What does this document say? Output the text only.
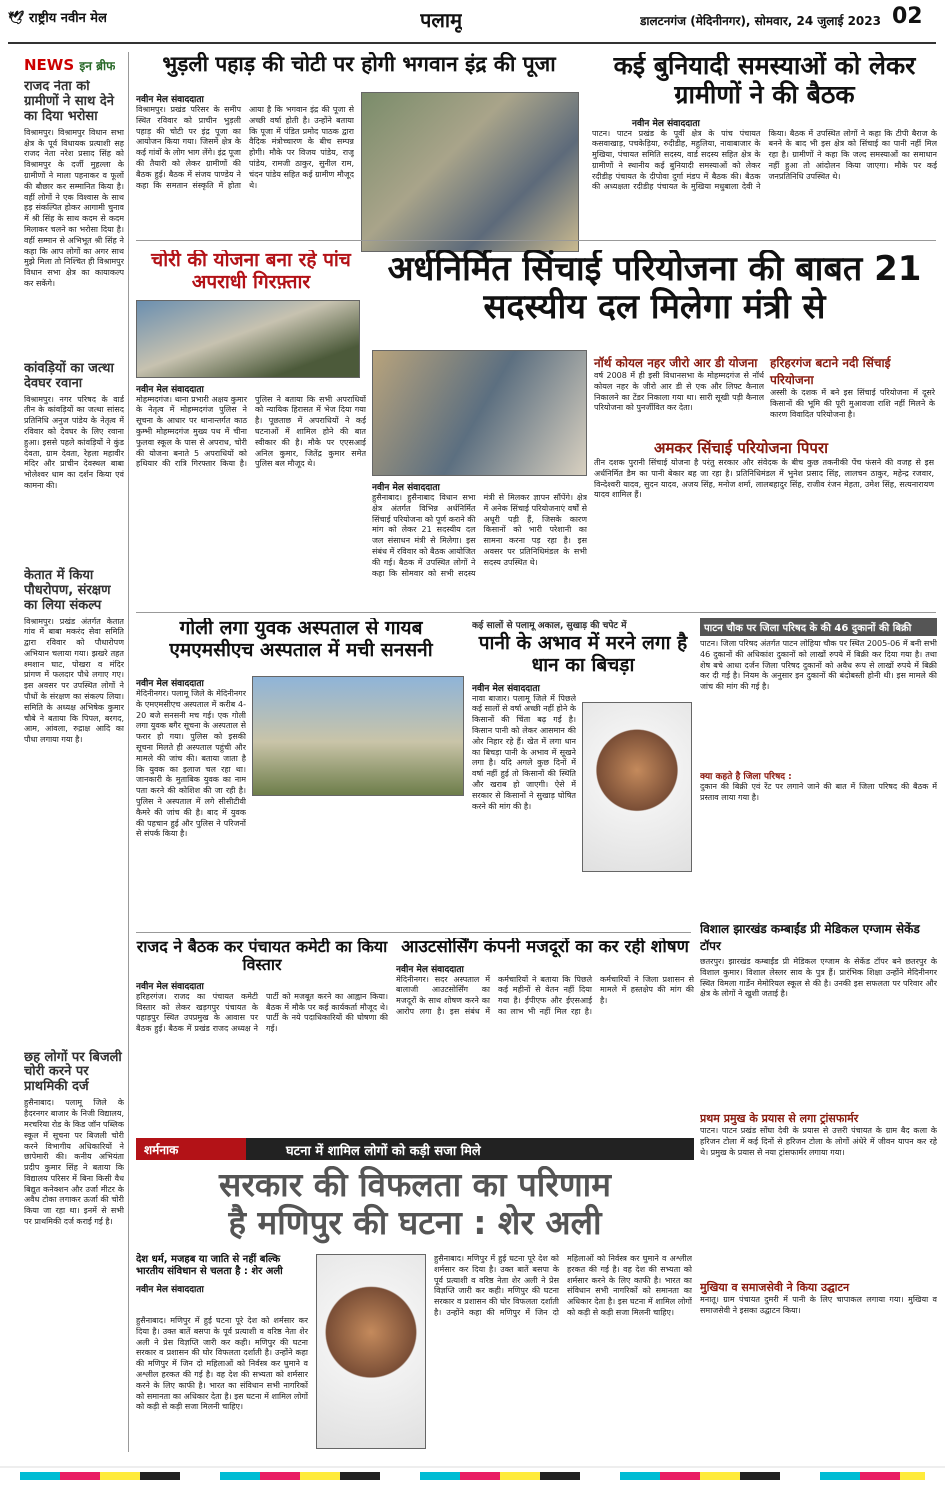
🕊 राष्ट्रीय नवीन मेल	पलामू	डालटनगंज (मेदिनीनगर), सोमवार, 24 जुलाई 2023 02
NEWS इन ब्रीफ
राजद नेता को ग्रामीणों ने साथ देने का दिया भरोसा
विश्रामपुर। विश्रामपुर विधान सभा क्षेत्र के पूर्व विधायक प्रत्याशी सह राजद नेता नरेश प्रसाद सिंह को विश्रामपुर के दर्जी मुहल्ला के ग्रामीणों ने माला पहनाकर व फूलों की बौछार कर सम्मानित किया है। वहीं लोगों ने एक विश्वास के साथ हड़ संकल्पित होकर आगामी चुनाव में श्री सिंह के साथ कदम से कदम मिलाकर चलने का भरोसा दिया है। वहीं सम्मान से अभिभूत श्री सिंह ने कहा कि आप लोगों का अगर साथ मुझे मिला तो निश्चित ही विश्रामपुर विधान सभा क्षेत्र का कायाकल्प कर सकेंगे।
कांवड़ियों का जत्था देवघर रवाना
विश्रामपुर। नगर परिषद के वार्ड तीन के कांवड़ियों का जत्था सांसद प्रतिनिधि अनुज पांडेय के नेतृत्व में रविवार को देवघर के लिए रवाना हुआ। इससे पहले कांवड़ियों ने कुंड देवता, ग्राम देवता, रेहला महावीर मंदिर और प्राचीन देवस्थल बाबा भोलेश्वर धाम का दर्शन किया एवं कामना की।
केतात में किया पौधरोपण, संरक्षण का लिया संकल्प
विश्रामपुर। प्रखंड अंतर्गत केतात गांव में बाबा मकरंद सेवा समिति द्वारा रविवार को पौधारोपण अभियान चलाया गया। झखरे तहत श्मशान घाट, पोखरा व मंदिर प्रांगण में फलदार पौधे लगाए गए। इस अवसर पर उपस्थित लोगों ने पौधों के संरक्षण का संकल्प लिया। समिति के अध्यक्ष अभिषेक कुमार चौबे ने बताया कि पिपल, बरगद, आम, आंवला, रुद्राक्ष आदि का पौधा लगाया गया है।
छह लोगों पर बिजली चोरी करने पर प्राथमिकी दर्ज
हुसैनाबाद। पलामू जिले के हैदरनगर बाजार के निजी विद्यालय, मरचरिया रोड के किड जॉन पब्लिक स्कूल में सूचना पर बिजली चोरी करने विभागीय अधिकारियों ने छापेमारी की। कनीय अभियंता प्रदीप कुमार सिंह ने बताया कि विद्यालय परिसर में बिना किसी वैध बिद्युत कनेक्शन और उर्जा मीटर के अवैध टोका लगाकर ऊर्जा की चोरी किया जा रहा था। इनमें से सभी पर प्राथमिकी दर्ज कराई गई है।
भुड़ली पहाड़ की चोटी पर होगी भगवान इंद्र की पूजा
नवीन मेल संवाददाता
विश्रामपुर। प्रखंड परिसर के समीप स्थित रविवार को प्राचीन भुड़ली पहाड़ की चोटी पर इंद्र पूजा का आयोजन किया गया। जिसमें क्षेत्र के कई गांवों के लोग भाग लेंगे। इंद्र पूजा की तैयारी को लेकर ग्रामीणों की बैठक हुई। बैठक में संजय पाण्डेय ने कहा कि समतान संस्कृति में होता आया है कि भगवान इंद्र की पूजा से अच्छी वर्षा होती है। उन्होंने बताया कि पूजा में पंडित प्रमोद पाठक द्वारा वैदिक मंत्रोच्चारण के बीच सम्पन्न होगी। मौके पर विजय पांडेय, राजू पांडेय, रामजी ठाकुर, सुनील राम, चंदन पांडेय सहित कई ग्रामीण मौजूद थे।
कई बुनियादी समस्याओं को लेकर ग्रामीणों ने की बैठक
नवीन मेल संवाददाता
पाटन। पाटन प्रखंड के पूर्वी क्षेत्र के पांच पंचायत कसवाखाड़, पचकेड़िया, रुदीडीह, महुलिया, नावाबाजार के मुखिया, पंचायत समिति सदस्य, वार्ड सदस्य सहित क्षेत्र के ग्रामीणों ने स्थानीय कई बुनियादी समस्याओं को लेकर रदीडीह पंचायत के दीपोवा दुर्गा मंडप में बैठक की। बैठक की अध्यक्षता रदीडीह पंचायत के मुखिया मधुबाला देवी ने किया। बैठक में उपस्थित लोगों ने कहा कि टीपी बैराज के बनने के बाद भी इस क्षेत्र को सिंचाई का पानी नहीं मिल रहा है। ग्रामीणों ने कहा कि जल्द समस्याओं का समाधान नहीं हुआ तो आंदोलन किया जाएगा। मौके पर कई जनप्रतिनिधि उपस्थित थे।
चोरी की योजना बना रहे पांच अपराधी गिरफ़्तार
नवीन मेल संवाददाता
मोहम्मदगंज। थाना प्रभारी अक्षय कुमार के नेतृत्व में मोहम्मदगंज पुलिस ने सूचना के आधार पर थानान्तर्गत काठ कुम्भी मोहम्मदगंज मुख्य पथ में चीना फुलवा स्कूल के पास से अपराध, चोरी की योजना बनाते 5 अपराधियों को हथियार की रात्रि गिरफ्तार किया है। पुलिस ने बताया कि सभी अपराधियों को न्यायिक हिरासत में भेज दिया गया है। पूछताछ में अपराधियों ने कई घटनाओं में शामिल होने की बात स्वीकार की है। मौके पर एएसआई अनिल कुमार, जितेंद्र कुमार समेत पुलिस बल मौजूद थे।
अर्धनिर्मित सिंचाई परियोजना की बाबत 21 सदस्यीय दल मिलेगा मंत्री से
नवीन मेल संवाददाता
हुसैनाबाद। हुसैनाबाद विधान सभा क्षेत्र अंतर्गत विभिन्न अर्धनिर्मित सिंचाई परियोजना को पूर्ण कराने की मांग को लेकर 21 सदस्यीय दल जल संसाधन मंत्री से मिलेगा। इस संबंध में रविवार को बैठक आयोजित की गई। बैठक में उपस्थित लोगों ने कहा कि सोमवार को सभी सदस्य मंत्री से मिलकर ज्ञापन सौंपेंगे। क्षेत्र में अनेक सिंचाई परियोजनाएं वर्षों से अधूरी पड़ी हैं, जिसके कारण किसानों को भारी परेशानी का सामना करना पड़ रहा है। इस अवसर पर प्रतिनिधिमंडल के सभी सदस्य उपस्थित थे।
नॉर्थ कोयल नहर जीरो आर डी योजना
वर्ष 2008 में ही इसी विधानसभा के मोहम्मदगंज से नॉर्थ कोयल नहर के जीरो आर डी से एक और लिफ्ट कैनाल निकालने का टेंडर निकाला गया था। सारी सूखी पड़ी कैनाल परियोजना को पुनर्जीवित कर देता।
हरिहरगंज बटाने नदी सिंचाई परियोजना
अस्सी के दशक में बने इस सिंचाई परियोजना में दूसरे किसानों की भूमि की पूरी मुआवजा राशि नहीं मिलने के कारण विवादित परियोजना है।
अमकर सिंचाई परियोजना पिपरा
तीन दशक पुरानी सिंचाई योजना है परंतु सरकार और संवेदक के बीच कुछ तकनीकी पेंच फंसने की वजह से इस अर्धनिर्मित डैम का पानी बेकार बह जा रहा है। प्रतिनिधिमंडल में भुनेश प्रसाद सिंह, लालचन ठाकुर, महेन्द्र रजवार, विन्देश्वरी यादव, सुदन यादव, अजय सिंह, मनोज शर्मा, लालबहादुर सिंह, राजीव रंजन मेहता, उमेश सिंह, सत्यनारायण यादव शामिल हैं।
गोली लगा युवक अस्पताल से गायब एमएमसीएच अस्पताल में मची सनसनी
नवीन मेल संवाददाता
मेदिनीनगर। पलामू जिले के मेदिनीनगर के एमएमसीएच अस्पताल में करीब 4-20 बजे सनसनी मच गई। एक गोली लगा युवक बगैर सूचना के अस्पताल से फरार हो गया। पुलिस को इसकी सूचना मिलते ही अस्पताल पहुंची और मामले की जांच की। बताया जाता है कि युवक का इलाज चल रहा था। जानकारी के मुताबिक युवक का नाम पता करने की कोशिश की जा रही है। पुलिस ने अस्पताल में लगे सीसीटीवी कैमरे की जांच की है। बाद में युवक की पहचान हुई और पुलिस ने परिजनों से संपर्क किया है।
कई सालों से पलामू अकाल, सुखाड़ की चपेट में
पानी के अभाव में मरने लगा है धान का बिचड़ा
नवीन मेल संवाददाता
नावा बाजार। पलामू जिले में पिछले कई सालों से वर्षा अच्छी नहीं होने के किसानों की चिंता बढ़ गई है। किसान पानी को लेकर आसमान की ओर निहार रहे हैं। खेत में लगा धान का बिचड़ा पानी के अभाव में सूखने लगा है। यदि अगले कुछ दिनों में वर्षा नहीं हुई तो किसानों की स्थिति और खराब हो जाएगी। ऐसे में सरकार से किसानों ने सुखाड़ घोषित करने की मांग की है।
पाटन चौक पर जिला परिषद के की 46 दुकानों की बिक्री
पाटन। जिला परिषद अंतर्गत पाटन लोहिया चौक पर स्थित 2005-06 में बनी सभी 46 दुकानों की अधिकांश दुकानों को लाखों रुपये में बिक्री कर दिया गया है। तथा शेष बचे आधा दर्जन जिला परिषद दुकानों को अवैध रूप से लाखों रुपये में बिक्री कर दी गई है। नियम के अनुसार इन दुकानों की बंदोबस्ती होनी थी। इस मामले की जांच की मांग की गई है।
क्या कहते है जिला परिषद :
दुकान की बिक्री एवं रेंट पर लगाने जाने की बात में जिला परिषद की बैठक में प्रस्ताव लाया गया है।
विशाल झारखंड कम्बाईंड प्री मेडिकल एग्जाम सेकेंड टॉपर
छतरपुर। झारखंड कम्बाईंड प्री मेडिकल एग्जाम के सेकेंड टॉपर बने छतरपुर के विशाल कुमार। विशाल लेस्लर साव के पुत्र हैं। प्रारंभिक शिक्षा उन्होंने मेदिनीनगर स्थित विमला गार्डेन मेमोरियल स्कूल से की है। उनकी इस सफलता पर परिवार और क्षेत्र के लोगों ने खुशी जताई है।
प्रथम प्रमुख के प्रयास से लगा ट्रांसफार्मर
पाटन। पाटन प्रखंड सोंघा देवी के प्रयास से उत्तरी पंचायत के ग्राम बैद कला के हरिजन टोला में कई दिनों से हरिजन टोला के लोगों अंधेरे में जीवन यापन कर रहे थे। प्रमुख के प्रयास से नया ट्रांसफार्मर लगाया गया।
मुखिया व समाजसेवी ने किया उद्घाटन
मनातू। ग्राम पंचायत दुमरी में पानी के लिए चापाकल लगाया गया। मुखिया व समाजसेवी ने इसका उद्घाटन किया।
राजद ने बैठक कर पंचायत कमेटी का किया विस्तार
नवीन मेल संवाददाता
हरिहरगंज। राजद का पंचायत कमेटी विस्तार को लेकर खड़गपुर पंचायत के पहाड़पुर स्थित उपप्रमुख के आवास पर बैठक हुई। बैठक में प्रखंड राजद अध्यक्ष ने पार्टी को मजबूत करने का आह्वान किया। बैठक में मौके पर कई कार्यकर्ता मौजूद थे। पार्टी के नये पदाधिकारियों की घोषणा की गई।
आउटसोर्सिंग कंपनी मजदूरों का कर रही शोषण
नवीन मेल संवाददाता
मेदिनीनगर। सदर अस्पताल में बालाजी आउटसोर्सिंग का मजदूरों के साथ शोषण करने का आरोप लगा है। इस संबंध में कर्मचारियों ने बताया कि पिछले कई महीनों से वेतन नहीं दिया गया है। ईपीएफ और ईएसआई का लाभ भी नहीं मिल रहा है। कर्मचारियों ने जिला प्रशासन से मामले में हस्तक्षेप की मांग की है।
शर्मनाक	घटना में शामिल लोगों को कड़ी सजा मिले
सरकार की विफलता का परिणाम
है मणिपुर की घटना : शेर अली
देश धर्म, मजहब या जाति से नहीं बल्कि भारतीय संविधान से चलता है : शेर अली
नवीन मेल संवाददाता
हुसैनाबाद। मणिपुर में हुई घटना पूरे देश को शर्मसार कर दिया है। उक्त बातें बसपा के पूर्व प्रत्याशी व वरिष्ठ नेता शेर अली ने प्रेस विज्ञप्ति जारी कर कही। मणिपुर की घटना सरकार व प्रशासन की घोर विफलता दर्शाती है। उन्होंने कहा की मणिपुर में जिन दो महिलाओं को निर्वस्त्र कर घुमाने व अश्लील हरकत की गई है। वह देश की सभ्यता को शर्मसार करने के लिए काफी है। भारत का संविधान सभी नागरिकों को समानता का अधिकार देता है। इस घटना में शामिल लोगों को कड़ी से कड़ी सजा मिलनी चाहिए।
हुसैनाबाद। मणिपुर में हुई घटना पूरे देश को शर्मसार कर दिया है। उक्त बातें बसपा के पूर्व प्रत्याशी व वरिष्ठ नेता शेर अली ने प्रेस विज्ञप्ति जारी कर कही। मणिपुर की घटना सरकार व प्रशासन की घोर विफलता दर्शाती है। उन्होंने कहा की मणिपुर में जिन दो महिलाओं को निर्वस्त्र कर घुमाने व अश्लील हरकत की गई है। वह देश की सभ्यता को शर्मसार करने के लिए काफी है। भारत का संविधान सभी नागरिकों को समानता का अधिकार देता है। इस घटना में शामिल लोगों को कड़ी से कड़ी सजा मिलनी चाहिए।
